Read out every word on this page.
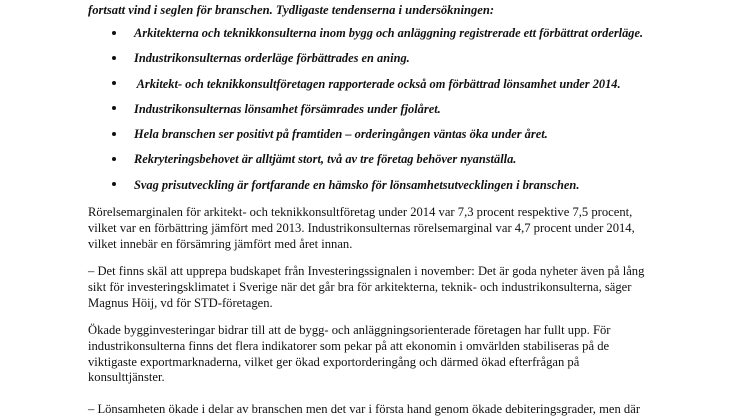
fortsatt vind i seglen för branschen. Tydligaste tendenserna i undersökningen:

Arkitekterna och teknikkonsulterna inom bygg och anläggning registrerade ett förbättrat orderläge.
Industrikonsulternas orderläge förbättrades en aning.
Arkitekt- och teknikkonsultföretagen rapporterade också om förbättrad lönsamhet under 2014.
Industrikonsulternas lönsamhet försämrades under fjolåret.
Hela branschen ser positivt på framtiden – orderingången väntas öka under året.
Rekryteringsbehovet är alltjämt stort, två av tre företag behöver nyanställa.
Svag prisutveckling är fortfarande en hämsko för lönsamhetsutvecklingen i branschen.

Rörelsemarginalen för arkitekt- och teknikkonsultföretag under 2014 var 7,3 procent respektive 7,5 procent,
vilket var en förbättring jämfört med 2013. Industrikonsulternas rörelsemarginal var 4,7 procent under 2014,
vilket innebär en försämring jämfört med året innan.

– Det finns skäl att upprepa budskapet från Investeringssignalen i november: Det är goda nyheter även på lång
sikt för investeringsklimatet i Sverige när det går bra för arkitekterna, teknik- och industrikonsulterna, säger
Magnus Höij, vd för STD-företagen.

Ökade bygginvesteringar bidrar till att de bygg- och anläggningsorienterade företagen har fullt upp. För
industrikonsulterna finns det flera indikatorer som pekar på att ekonomin i omvärlden stabiliseras på de
viktigaste exportmarknaderna, vilket ger ökad exportorderingång och därmed ökad efterfrågan på
konsulttjänster.

– Lönsamheten ökade i delar av branschen men det var i första hand genom ökade debiteringsgrader, men där
